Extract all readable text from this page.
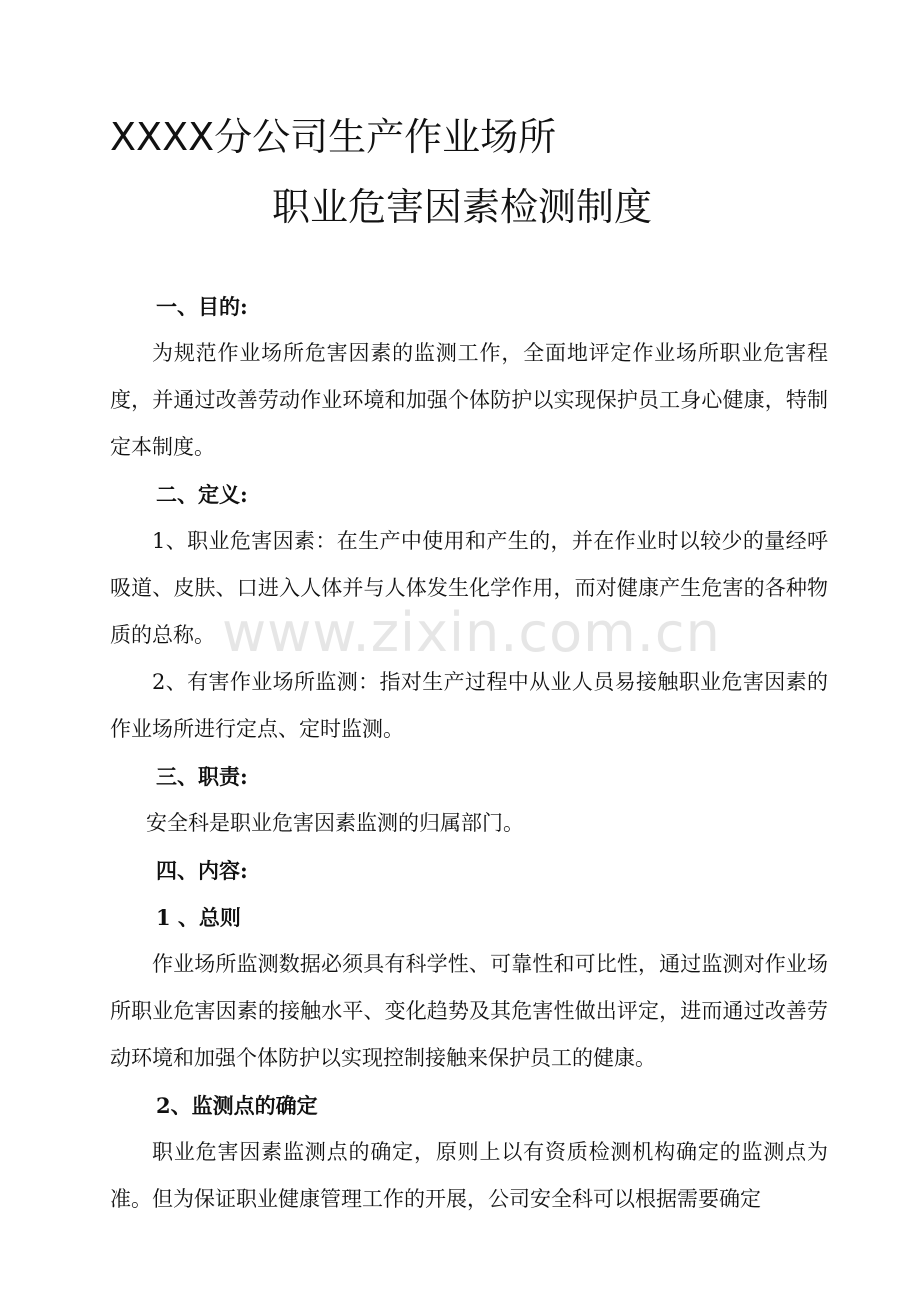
XXXX分公司生产作业场所
职业危害因素检测制度

一、目的:

为规范作业场所危害因素的监测工作，全面地评定作业场所职业危害程度，并通过改善劳动作业环境和加强个体防护以实现保护员工身心健康，特制定本制度。

二、定义:

1、职业危害因素：在生产中使用和产生的，并在作业时以较少的量经呼吸道、皮肤、口进入人体并与人体发生化学作用，而对健康产生危害的各种物质的总称。

2、有害作业场所监测：指对生产过程中从业人员易接触职业危害因素的作业场所进行定点、定时监测。

三、职责:

安全科是职业危害因素监测的归属部门。

四、内容:

1 、总则

作业场所监测数据必须具有科学性、可靠性和可比性，通过监测对作业场所职业危害因素的接触水平、变化趋势及其危害性做出评定，进而通过改善劳动环境和加强个体防护以实现控制接触来保护员工的健康。

2、监测点的确定

职业危害因素监测点的确定，原则上以有资质检测机构确定的监测点为准。但为保证职业健康管理工作的开展，公司安全科可以根据需要确定

www.zixin.com.cn
